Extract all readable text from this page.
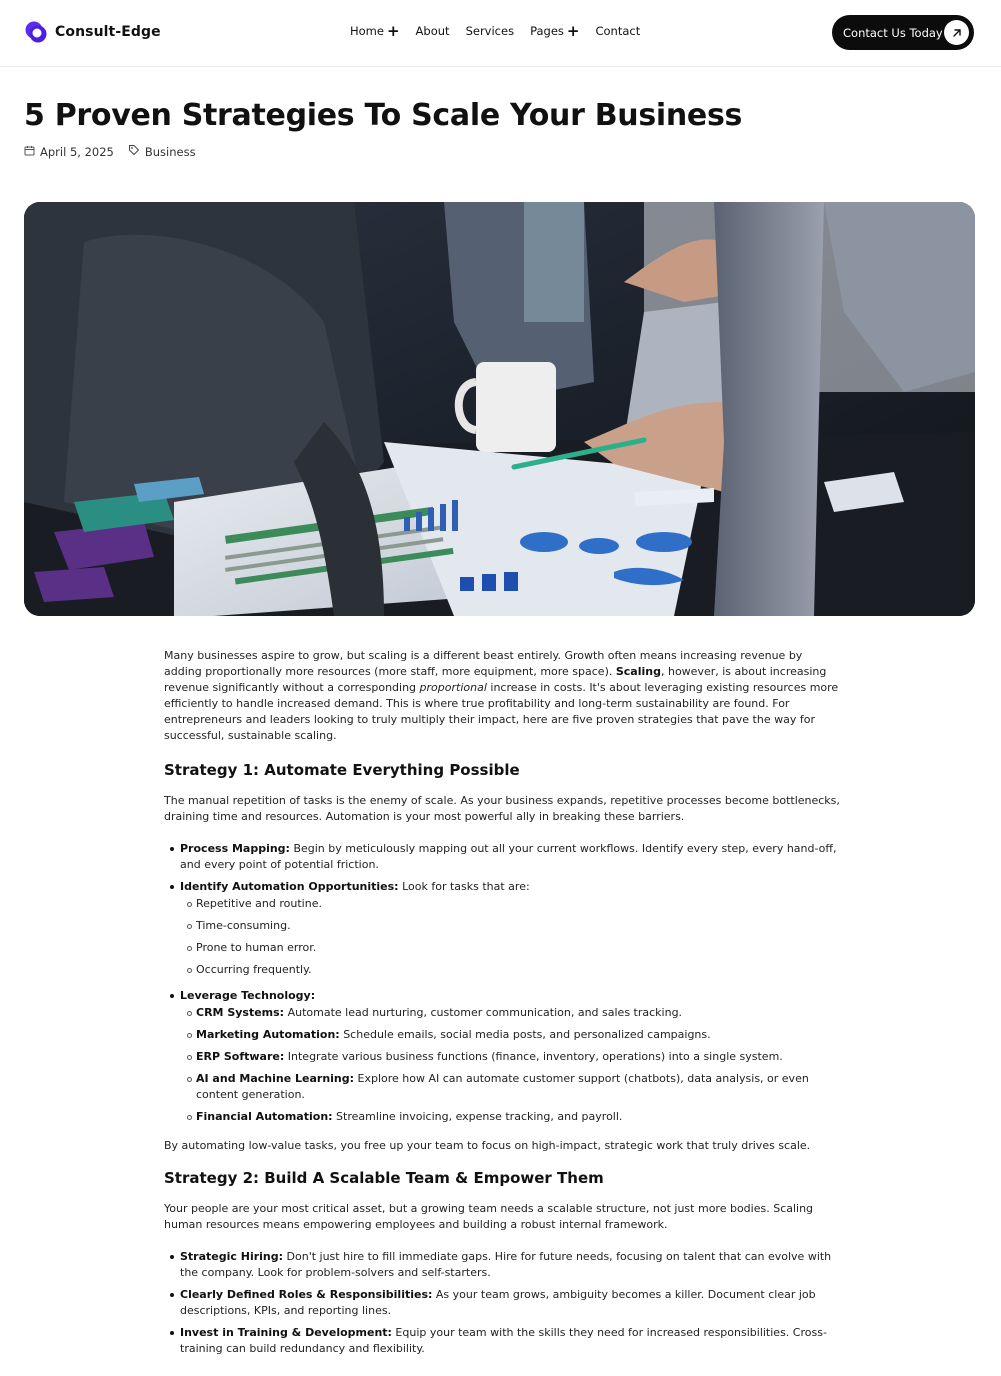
Consult-Edge	Home + About Services Pages + Contact	Contact Us Today
5 Proven Strategies To Scale Your Business
April 5, 2025	Business

Many businesses aspire to grow, but scaling is a different beast entirely. Growth often means increasing revenue by adding proportionally more resources (more staff, more equipment, more space). Scaling, however, is about increasing revenue significantly without a corresponding proportional increase in costs. It's about leveraging existing resources more efficiently to handle increased demand. This is where true profitability and long-term sustainability are found. For entrepreneurs and leaders looking to truly multiply their impact, here are five proven strategies that pave the way for successful, sustainable scaling.

Strategy 1: Automate Everything Possible

The manual repetition of tasks is the enemy of scale. As your business expands, repetitive processes become bottlenecks, draining time and resources. Automation is your most powerful ally in breaking these barriers.

Process Mapping: Begin by meticulously mapping out all your current workflows. Identify every step, every hand-off, and every point of potential friction.
Identify Automation Opportunities: Look for tasks that are:
Repetitive and routine.
Time-consuming.
Prone to human error.
Occurring frequently.
Leverage Technology:
CRM Systems: Automate lead nurturing, customer communication, and sales tracking.
Marketing Automation: Schedule emails, social media posts, and personalized campaigns.
ERP Software: Integrate various business functions (finance, inventory, operations) into a single system.
AI and Machine Learning: Explore how AI can automate customer support (chatbots), data analysis, or even content generation.
Financial Automation: Streamline invoicing, expense tracking, and payroll.

By automating low-value tasks, you free up your team to focus on high-impact, strategic work that truly drives scale.

Strategy 2: Build A Scalable Team & Empower Them

Your people are your most critical asset, but a growing team needs a scalable structure, not just more bodies. Scaling human resources means empowering employees and building a robust internal framework.

Strategic Hiring: Don't just hire to fill immediate gaps. Hire for future needs, focusing on talent that can evolve with the company. Look for problem-solvers and self-starters.
Clearly Defined Roles & Responsibilities: As your team grows, ambiguity becomes a killer. Document clear job descriptions, KPIs, and reporting lines.
Invest in Training & Development: Equip your team with the skills they need for increased responsibilities. Cross-training can build redundancy and flexibility.
